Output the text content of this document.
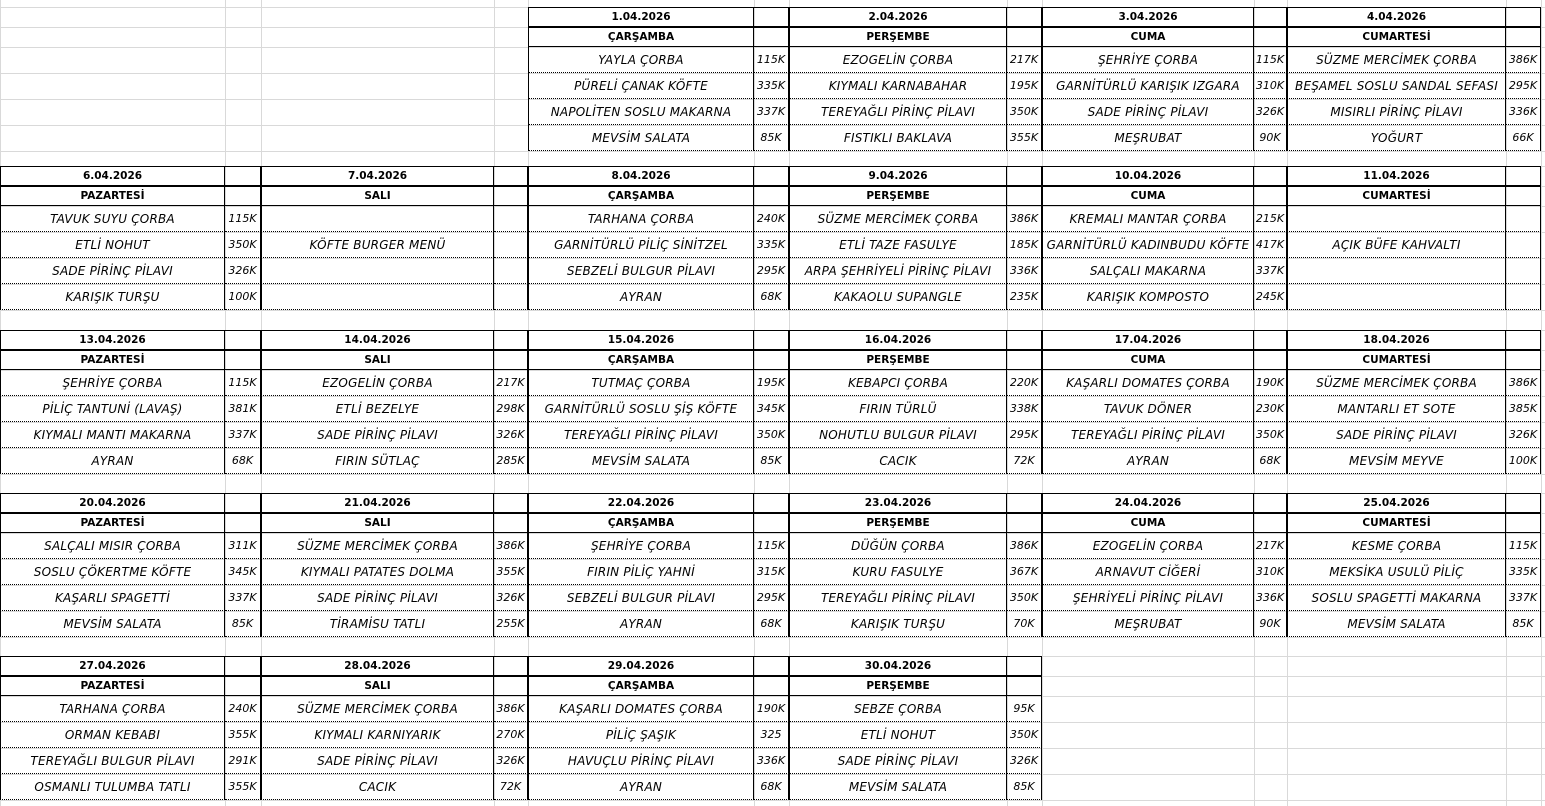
1.04.2026
ÇARŞAMBA
YAYLA ÇORBA	115K
PÜRELİ ÇANAK KÖFTE	335K
NAPOLİTEN SOSLU MAKARNA	337K
MEVSİM SALATA	85K
2.04.2026
PERŞEMBE
EZOGELİN ÇORBA	217K
KIYMALI KARNABAHAR	195K
TEREYAĞLI PİRİNÇ PİLAVI	350K
FISTIKLI BAKLAVA	355K
3.04.2026
CUMA
ŞEHRİYE ÇORBA	115K
GARNİTÜRLÜ KARIŞIK IZGARA	310K
SADE PİRİNÇ PİLAVI	326K
MEŞRUBAT	90K
4.04.2026
CUMARTESİ
SÜZME MERCİMEK ÇORBA	386K
BEŞAMEL SOSLU SANDAL SEFASI 295K
MISIRLI PİRİNÇ PİLAVI	336K
YOĞURT	66K
6.04.2026
PAZARTESİ
TAVUK SUYU ÇORBA	115K
ETLİ NOHUT	350K
SADE PİRİNÇ PİLAVI	326K
KARIŞIK TURŞU	100K
7.04.2026
SALI
KÖFTE BURGER MENÜ
8.04.2026
ÇARŞAMBA
TARHANA ÇORBA	240K
GARNİTÜRLÜ PİLİÇ SİNİTZEL	335K
SEBZELİ BULGUR PİLAVI	295K
AYRAN	68K
9.04.2026
PERŞEMBE
SÜZME MERCİMEK ÇORBA	386K
ETLİ TAZE FASULYE	185K
ARPA ŞEHRİYELİ PİRİNÇ PİLAVI	336K
KAKAOLU SUPANGLE	235K
10.04.2026
CUMA
KREMALI MANTAR ÇORBA	215K
GARNİTÜRLÜ KADINBUDU KÖFTE 417K
SALÇALI MAKARNA	337K
KARIŞIK KOMPOSTO	245K
11.04.2026
CUMARTESİ
AÇIK BÜFE KAHVALTI
13.04.2026
PAZARTESİ
ŞEHRİYE ÇORBA	115K
PİLİÇ TANTUNİ (LAVAŞ)	381K
KIYMALI MANTI MAKARNA	337K
AYRAN	68K
14.04.2026
SALI
EZOGELİN ÇORBA	217K
ETLİ BEZELYE	298K
SADE PİRİNÇ PİLAVI	326K
FIRIN SÜTLAÇ	285K
15.04.2026
ÇARŞAMBA
TUTMAÇ ÇORBA	195K
GARNİTÜRLÜ SOSLU ŞİŞ KÖFTE	345K
TEREYAĞLI PİRİNÇ PİLAVI	350K
MEVSİM SALATA	85K
16.04.2026
PERŞEMBE
KEBAPCI ÇORBA	220K
FIRIN TÜRLÜ	338K
NOHUTLU BULGUR PİLAVI	295K
CACIK	72K
17.04.2026
CUMA
KAŞARLI DOMATES ÇORBA	190K
TAVUK DÖNER	230K
TEREYAĞLI PİRİNÇ PİLAVI	350K
AYRAN	68K
18.04.2026
CUMARTESİ
SÜZME MERCİMEK ÇORBA	386K
MANTARLI ET SOTE	385K
SADE PİRİNÇ PİLAVI	326K
MEVSİM MEYVE	100K
20.04.2026
PAZARTESİ
SALÇALI MISIR ÇORBA	311K
SOSLU ÇÖKERTME KÖFTE	345K
KAŞARLI SPAGETTİ	337K
MEVSİM SALATA	85K
21.04.2026
SALI
SÜZME MERCİMEK ÇORBA	386K
KIYMALI PATATES DOLMA	355K
SADE PİRİNÇ PİLAVI	326K
TİRAMİSU TATLI	255K
22.04.2026
ÇARŞAMBA
ŞEHRİYE ÇORBA	115K
FIRIN PİLİÇ YAHNİ	315K
SEBZELİ BULGUR PİLAVI	295K
AYRAN	68K
23.04.2026
PERŞEMBE
DÜĞÜN ÇORBA	386K
KURU FASULYE	367K
TEREYAĞLI PİRİNÇ PİLAVI	350K
KARIŞIK TURŞU	70K
24.04.2026
CUMA
EZOGELİN ÇORBA	217K
ARNAVUT CİĞERİ	310K
ŞEHRİYELİ PİRİNÇ PİLAVI	336K
MEŞRUBAT	90K
25.04.2026
CUMARTESİ
KESME ÇORBA	115K
MEKSİKA USULÜ PİLİÇ	335K
SOSLU SPAGETTİ MAKARNA	337K
MEVSİM SALATA	85K
27.04.2026
PAZARTESİ
TARHANA ÇORBA	240K
ORMAN KEBABI	355K
TEREYAĞLI BULGUR PİLAVI	291K
OSMANLI TULUMBA TATLI	355K
28.04.2026
SALI
SÜZME MERCİMEK ÇORBA	386K
KIYMALI KARNIYARIK	270K
SADE PİRİNÇ PİLAVI	326K
CACIK	72K
29.04.2026
ÇARŞAMBA
KAŞARLI DOMATES ÇORBA	190K
PİLİÇ ŞAŞIK	325
HAVUÇLU PİRİNÇ PİLAVI	336K
AYRAN	68K
30.04.2026
PERŞEMBE
SEBZE ÇORBA	95K
ETLİ NOHUT	350K
SADE PİRİNÇ PİLAVI	326K
MEVSİM SALATA	85K
